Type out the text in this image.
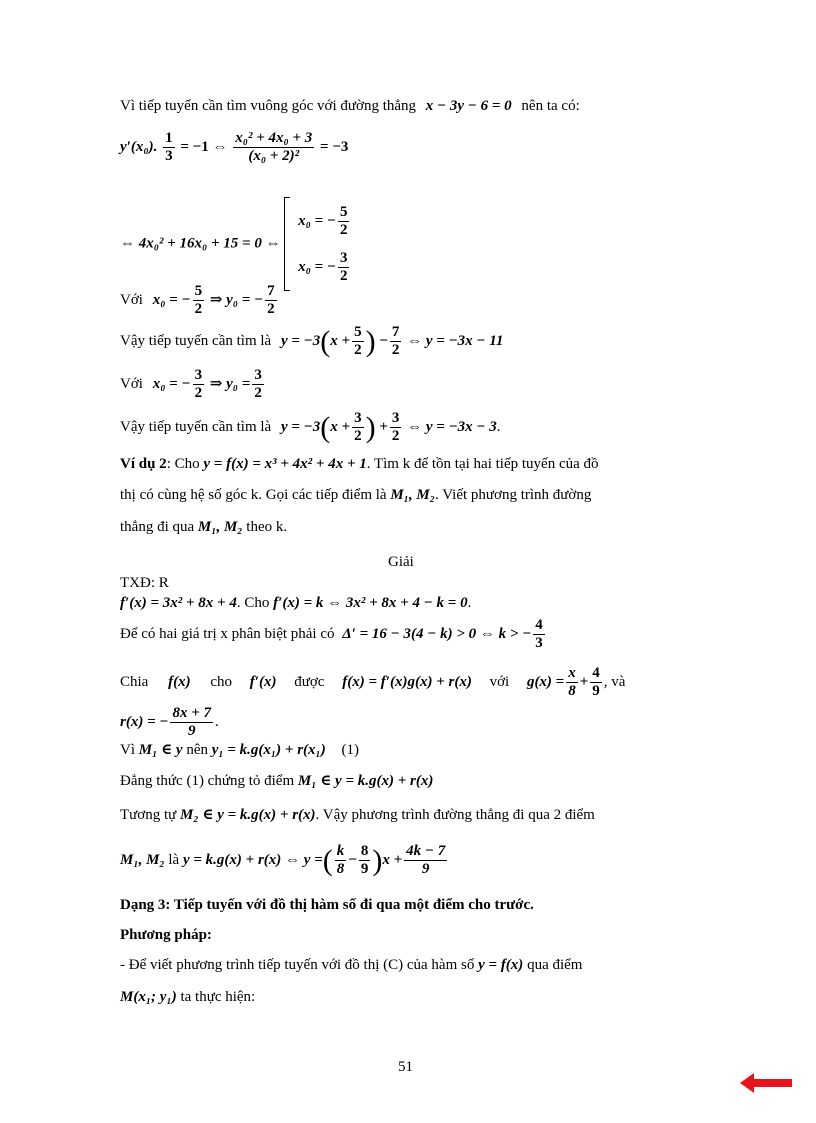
Vì tiếp tuyến cần tìm vuông góc với đường thẳng x − 3y − 6 = 0 nên ta có:
y′(x₀). $\frac{1}{3} = -1$ ⇔ $\frac{\text{x₀² + 4x₀ + 3}}{\text{(x₀ + 2)²}} = -3$
⇔ 4x₀² + 16x₀ + 15 = 0 ⇔
x₀ = − $\frac{5}{2}$
x₀ = − $\frac{3}{2}$
Với x₀ = − $\frac{5}{2}$ ⇒ y₀ = − $\frac{7}{2}$
Vậy tiếp tuyến cần tìm là $y = -3(x + \frac{5}{2}$ ) − $\frac{7}{2}$ ⇔ y = −3x − 11
Với x₀ = − $\frac{3}{2}$ ⇒ $y_0 = \frac{3}{2}$
Vậy tiếp tuyến cần tìm là $y = -3(x + \frac{3}{2}$ ) + $\frac{3}{2}$ ⇔ y = −3x − 3.
Ví dụ 2: Cho y = f(x) = x³ + 4x² + 4x + 1. Tìm k để tồn tại hai tiếp tuyến của đồ
thị có cùng hệ số góc k. Gọi các tiếp điểm là M₁, M₂. Viết phương trình đường
thẳng đi qua M₁, M₂ theo k.
Giải
TXĐ: R
f′(x) = 3x² + 8x + 4. Cho f′(x) = k ⇔ 3x² + 8x + 4 − k = 0.
Để có hai giá trị x phân biệt phải có Δ′ = 16 − 3(4 − k) > 0 ⇔ k > − $\frac{4}{3}$
Chia f(x) cho f′(x) được f(x) = f′(x)g(x) + r(x) với $g(x) = \frac{x}{8} + \frac{4}{9}$ , và
r(x) = − $\frac{8x + 7}{9}$ .
Vì M₁ ∈ y nên y₁ = k.g(x₁) + r(x₁) (1)
Đẳng thức (1) chứng tỏ điểm M₁ ∈ y = k.g(x) + r(x)
Tương tự M₂ ∈ y = k.g(x) + r(x). Vậy phương trình đường thẳng đi qua 2 điểm
M₁, M₂ là y = k.g(x) + r(x) ⇔ y =( $\frac{k}{8} - \frac{8}{9} )x + \frac{4k - 7}{9}$
Dạng 3: Tiếp tuyến với đồ thị hàm số đi qua một điểm cho trước.
Phương pháp:
- Để viết phương trình tiếp tuyến với đồ thị (C) của hàm số y = f(x) qua điểm
M(x₁; y₁) ta thực hiện:
51
